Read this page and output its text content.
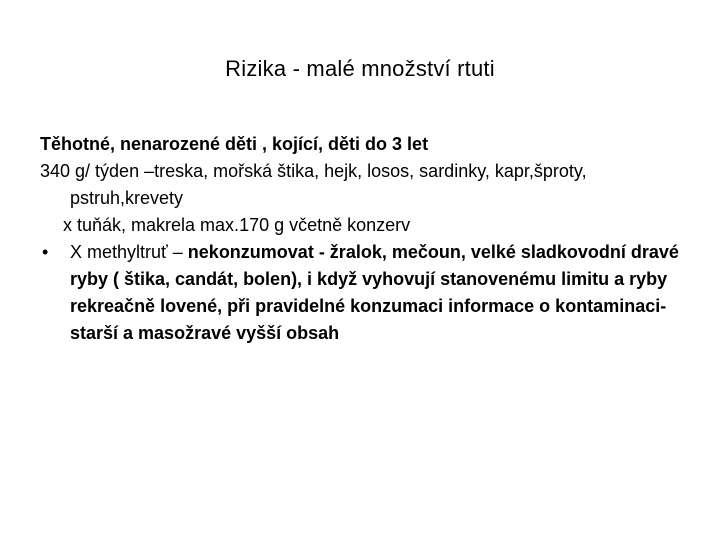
Rizika - malé množství rtuti

Těhotné, nenarozené děti , kojící, děti do 3 let

340 g/ týden –treska, mořská štika, hejk, losos, sardinky, kapr,šproty, pstruh,krevety

x tuňák, makrela max.170 g včetně konzerv

• X methyltruť – nekonzumovat - žralok, mečoun, velké sladkovodní dravé ryby ( štika, candát, bolen), i když vyhovují stanovenému limitu a ryby rekreačně lovené, při pravidelné konzumaci informace o kontaminaci- starší a masožravé vyšší obsah
